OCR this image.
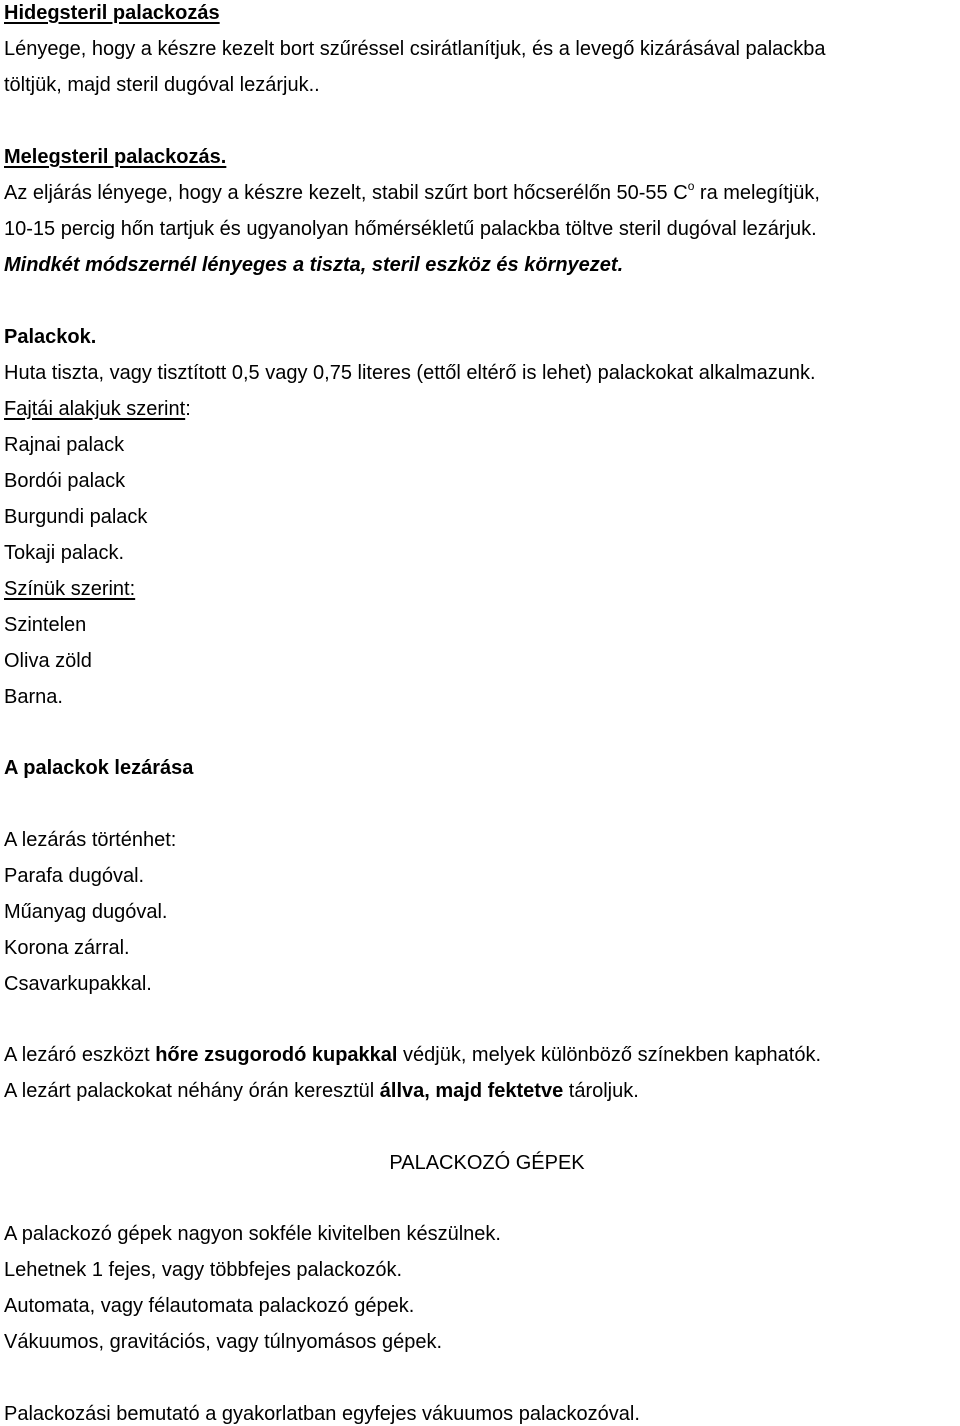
Hidegsteril palackozás
Lényege, hogy a készre kezelt bort szűréssel csirátlanítjuk, és a levegő kizárásával palackba
töltjük, majd steril dugóval lezárjuk..
Melegsteril palackozás.
Az eljárás lényege, hogy a készre kezelt, stabil szűrt bort hőcserélőn 50-55 $C^o$ ra melegítjük,
10-15 percig hőn tartjuk és ugyanolyan hőmérsékletű palackba töltve steril dugóval lezárjuk.
Mindkét módszernél lényeges a tiszta, steril eszköz és környezet.
Palackok.
Huta tiszta, vagy tisztított 0,5 vagy 0,75 literes (ettől eltérő is lehet) palackokat alkalmazunk.
Fajtái alakjuk szerint:
Rajnai palack
Bordói palack
Burgundi palack
Tokaji palack.
Színük szerint:
Szintelen
Oliva zöld
Barna.
A palackok lezárása
A lezárás történhet:
Parafa dugóval.
Műanyag dugóval.
Korona zárral.
Csavarkupakkal.
A lezáró eszközt hőre zsugorodó kupakkal védjük, melyek különböző színekben kaphatók.
A lezárt palackokat néhány órán keresztül állva, majd fektetve tároljuk.
PALACKOZÓ GÉPEK
A palackozó gépek nagyon sokféle kivitelben készülnek.
Lehetnek 1 fejes, vagy többfejes palackozók.
Automata, vagy félautomata palackozó gépek.
Vákuumos, gravitációs, vagy túlnyomásos gépek.
Palackozási bemutató a gyakorlatban egyfejes vákuumos palackozóval.
